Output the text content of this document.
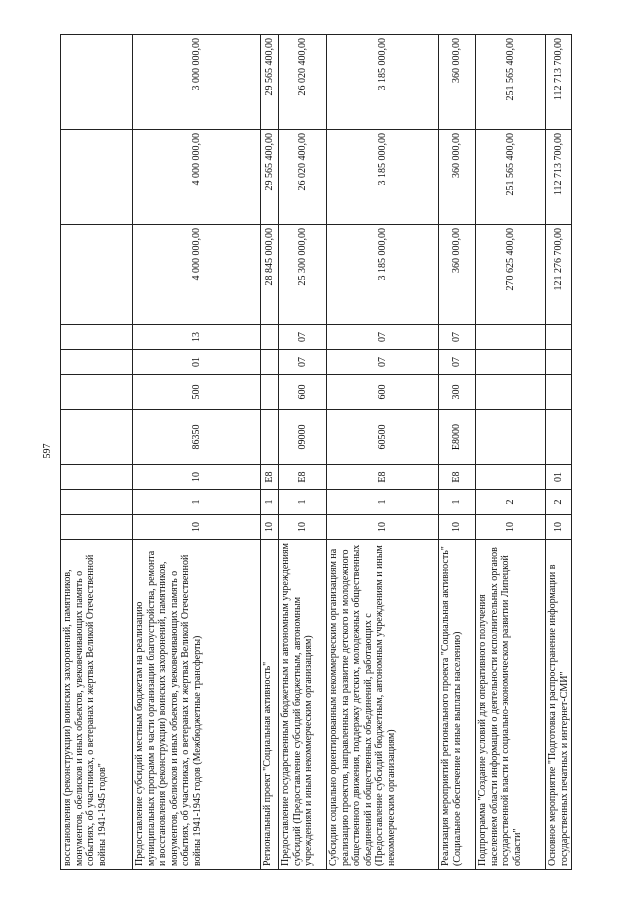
597
восстановления (реконструкции) воинских захоронений, памятников, монументов, обелисков и иных объектов, увековечивающих память о событиях, об участниках, о ветеранах и жертвах Великой Отечественной войны 1941-1945 годов"										
Предоставление субсидий местным бюджетам на реализацию муниципальных программ в части организации благоустройства, ремонта и восстановления (реконструкции) воинских захоронений, памятников, монументов, обелисков и иных объектов, увековечивающих память о событиях, об участниках, о ветеранах и жертвах Великой Отечественной войны 1941-1945 годов (Межбюджетные трансферты)	10	1	10	86350	500	01	13	4 000 000,00	4 000 000,00	3 000 000,00
Региональный проект "Социальная активность"	10	1	E8					28 845 000,00	29 565 400,00	29 565 400,00
Предоставление государственным бюджетным и автономным учреждениям субсидий (Предоставление субсидий бюджетным, автономным учреждениям и иным некоммерческим организациям)	10	1	E8	09000	600	07	07	25 300 000,00	26 020 400,00	26 020 400,00
Субсидии социально ориентированным некоммерческим организациям на реализацию проектов, направленных на развитие детского и молодежного общественного движения, поддержку детских, молодежных общественных объединений и общественных объединений, работающих с (Предоставление субсидий бюджетным, автономным учреждениям и иным некоммерческим организациям)	10	1	E8	60500	600	07	07	3 185 000,00	3 185 000,00	3 185 000,00
Реализация мероприятий регионального проекта "Социальная активность" (Социальное обеспечение и иные выплаты населению)	10	1	E8	E8000	300	07	07	360 000,00	360 000,00	360 000,00
Подпрограмма "Создание условий для оперативного получения населением области информации о деятельности исполнительных органов государственной власти и социально-экономическом развитии Липецкой области"	10	2						270 625 400,00	251 565 400,00	251 565 400,00
Основное мероприятие "Подготовка и распространение информации в государственных печатных и интернет-СМИ"	10	2	01					121 276 700,00	112 713 700,00	112 713 700,00
